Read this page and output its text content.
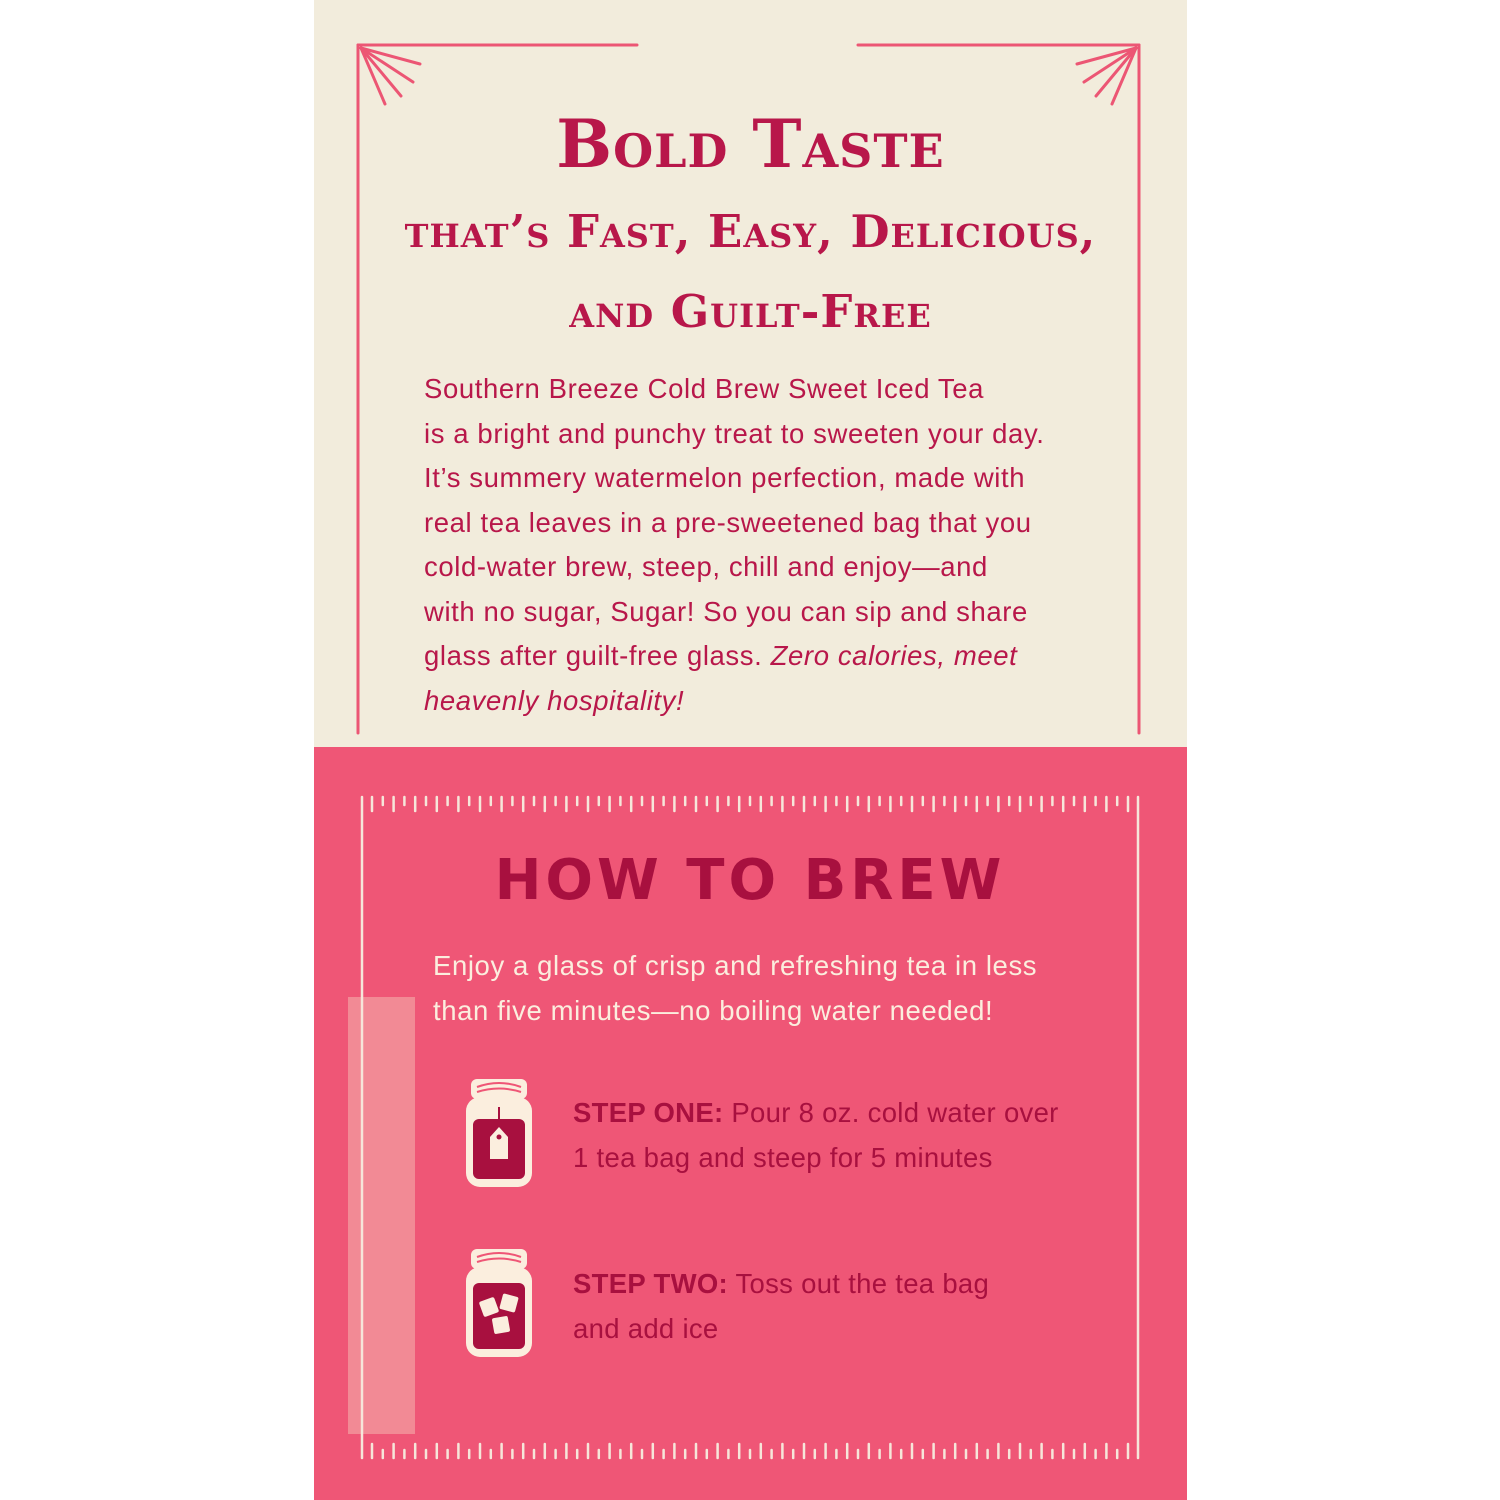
Bold Taste
that’s Fast, Easy, Delicious,
and Guilt-Free

Southern Breeze Cold Brew Sweet Iced Tea
is a bright and punchy treat to sweeten your day.
It’s summery watermelon perfection, made with
real tea leaves in a pre-sweetened bag that you
cold-water brew, steep, chill and enjoy—and
with no sugar, Sugar! So you can sip and share
glass after guilt-free glass. Zero calories, meet
heavenly hospitality!

HOW TO BREW

Enjoy a glass of crisp and refreshing tea in less
than five minutes—no boiling water needed!

STEP ONE: Pour 8 oz. cold water over
1 tea bag and steep for 5 minutes

STEP TWO: Toss out the tea bag
and add ice
